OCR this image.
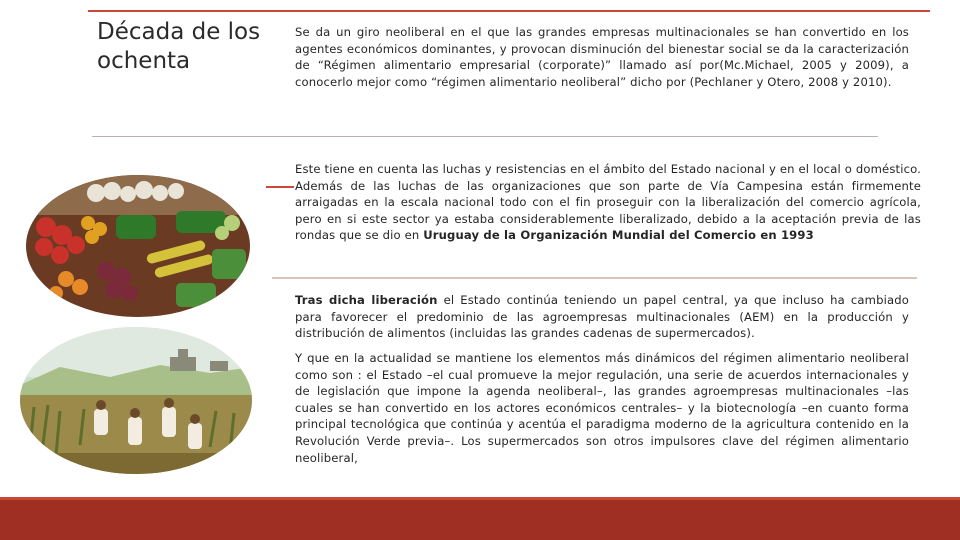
Década de los ochenta

Se da un giro neoliberal en el que las grandes empresas multinacionales se han convertido en los agentes económicos dominantes, y provocan disminución del bienestar social se da la caracterización de “Régimen alimentario empresarial (corporate)” llamado así por(Mc.Michael, 2005 y 2009), a conocerlo mejor como “régimen alimentario neoliberal” dicho por (Pechlaner y Otero, 2008 y 2010).

Este tiene en cuenta las luchas y resistencias en el ámbito del Estado nacional y en el local o doméstico. Además de las luchas de las organizaciones que son parte de Vía Campesina están firmemente arraigadas en la escala nacional todo con el fin proseguir con la liberalización del comercio agrícola, pero en si este sector ya estaba considerablemente liberalizado, debido a la aceptación previa de las rondas que se dio en Uruguay de la Organización Mundial del Comercio en 1993

Tras dicha liberación el Estado continúa teniendo un papel central, ya que incluso ha cambiado para favorecer el predominio de las agroempresas multinacionales (AEM) en la producción y distribución de alimentos (incluidas las grandes cadenas de supermercados).

Y que en la actualidad se mantiene los elementos más dinámicos del régimen alimentario neoliberal como son : el Estado –el cual promueve la mejor regulación, una serie de acuerdos internacionales y de legislación que impone la agenda neoliberal–, las grandes agroempresas multinacionales –las cuales se han convertido en los actores económicos centrales– y la biotecnología –en cuanto forma principal tecnológica que continúa y acentúa el paradigma moderno de la agricultura contenido en la Revolución Verde previa–. Los supermercados son otros impulsores clave del régimen alimentario neoliberal,
